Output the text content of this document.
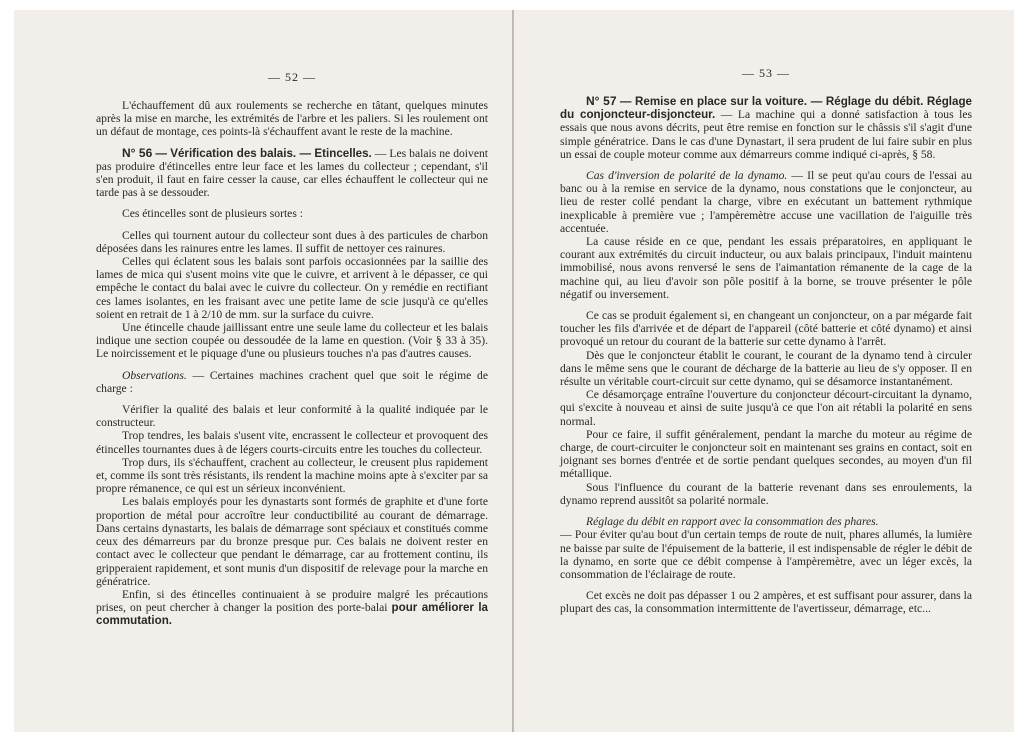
— 52 —

L'échauffement dû aux roulements se recherche en tâtant, quelques minutes après la mise en marche, les extrémités de l'arbre et les paliers. Si les roulement ont un défaut de montage, ces points-là s'échauffent avant le reste de la machine.

N° 56 — Vérification des balais. — Etincelles. — Les balais ne doivent pas produire d'étincelles entre leur face et les lames du collecteur ; cependant, s'il s'en produit, il faut en faire cesser la cause, car elles échauffent le collecteur qui ne tarde pas à se dessouder.

Ces étincelles sont de plusieurs sortes :

Celles qui tournent autour du collecteur sont dues à des particules de charbon déposées dans les rainures entre les lames. Il suffit de nettoyer ces rainures.

Celles qui éclatent sous les balais sont parfois occasionnées par la saillie des lames de mica qui s'usent moins vite que le cuivre, et arrivent à le dépasser, ce qui empêche le contact du balai avec le cuivre du collecteur. On y remédie en rectifiant ces lames isolantes, en les fraisant avec une petite lame de scie jusqu'à ce qu'elles soient en retrait de 1 à 2/10 de mm. sur la surface du cuivre.

Une étincelle chaude jaillissant entre une seule lame du collecteur et les balais indique une section coupée ou dessoudée de la lame en question. (Voir § 33 à 35). Le noircissement et le piquage d'une ou plusieurs touches n'a pas d'autres causes.

Observations. — Certaines machines crachent quel que soit le régime de charge :

Vérifier la qualité des balais et leur conformité à la qualité indiquée par le constructeur.

Trop tendres, les balais s'usent vite, encrassent le collecteur et provoquent des étincelles tournantes dues à de légers courts-circuits entre les touches du collecteur.

Trop durs, ils s'échauffent, crachent au collecteur, le creusent plus rapidement et, comme ils sont très résistants, ils rendent la machine moins apte à s'exciter par sa propre rémanence, ce qui est un sérieux inconvénient.

Les balais employés pour les dynastarts sont formés de graphite et d'une forte proportion de métal pour accroître leur conductibilité au courant de démarrage. Dans certains dynastarts, les balais de démarrage sont spéciaux et constitués comme ceux des démarreurs par du bronze presque pur. Ces balais ne doivent rester en contact avec le collecteur que pendant le démarrage, car au frottement continu, ils gripperaient rapidement, et sont munis d'un dispositif de relevage pour la marche en génératrice.

Enfin, si des étincelles continuaient à se produire malgré les précautions prises, on peut chercher à changer la position des porte-balai pour améliorer la commutation.

— 53 —

N° 57 — Remise en place sur la voiture. — Réglage du débit. Réglage du conjoncteur-disjoncteur. — La machine qui a donné satisfaction à tous les essais que nous avons décrits, peut être remise en fonction sur le châssis s'il s'agit d'une simple génératrice. Dans le cas d'une Dynastart, il sera prudent de lui faire subir en plus un essai de couple moteur comme aux démarreurs comme indiqué ci-après, § 58.

Cas d'inversion de polarité de la dynamo. — Il se peut qu'au cours de l'essai au banc ou à la remise en service de la dynamo, nous constations que le conjoncteur, au lieu de rester collé pendant la charge, vibre en exécutant un battement rythmique inexplicable à première vue ; l'ampèremètre accuse une vacillation de l'aiguille très accentuée.

La cause réside en ce que, pendant les essais préparatoires, en appliquant le courant aux extrémités du circuit inducteur, ou aux balais principaux, l'induit maintenu immobilisé, nous avons renversé le sens de l'aimantation rémanente de la cage de la machine qui, au lieu d'avoir son pôle positif à la borne, se trouve présenter le pôle négatif ou inversement.

Ce cas se produit également si, en changeant un conjoncteur, on a par mégarde fait toucher les fils d'arrivée et de départ de l'appareil (côté batterie et côté dynamo) et ainsi provoqué un retour du courant de la batterie sur cette dynamo à l'arrêt.

Dès que le conjoncteur établit le courant, le courant de la dynamo tend à circuler dans le même sens que le courant de décharge de la batterie au lieu de s'y opposer. Il en résulte un véritable court-circuit sur cette dynamo, qui se désamorce instantanément.

Ce désamorçage entraîne l'ouverture du conjoncteur décourt-circuitant la dynamo, qui s'excite à nouveau et ainsi de suite jusqu'à ce que l'on ait rétabli la polarité en sens normal.

Pour ce faire, il suffit généralement, pendant la marche du moteur au régime de charge, de court-circuiter le conjoncteur soit en maintenant ses grains en contact, soit en joignant ses bornes d'entrée et de sortie pendant quelques secondes, au moyen d'un fil métallique.

Sous l'influence du courant de la batterie revenant dans ses enroulements, la dynamo reprend aussitôt sa polarité normale.

Réglage du débit en rapport avec la consommation des phares.

— Pour éviter qu'au bout d'un certain temps de route de nuit, phares allumés, la lumière ne baisse par suite de l'épuisement de la batterie, il est indispensable de régler le débit de la dynamo, en sorte que ce débit compense à l'ampèremètre, avec un léger excès, la consommation de l'éclairage de route.

Cet excès ne doit pas dépasser 1 ou 2 ampères, et est suffisant pour assurer, dans la plupart des cas, la consommation intermittente de l'avertisseur, démarrage, etc...
